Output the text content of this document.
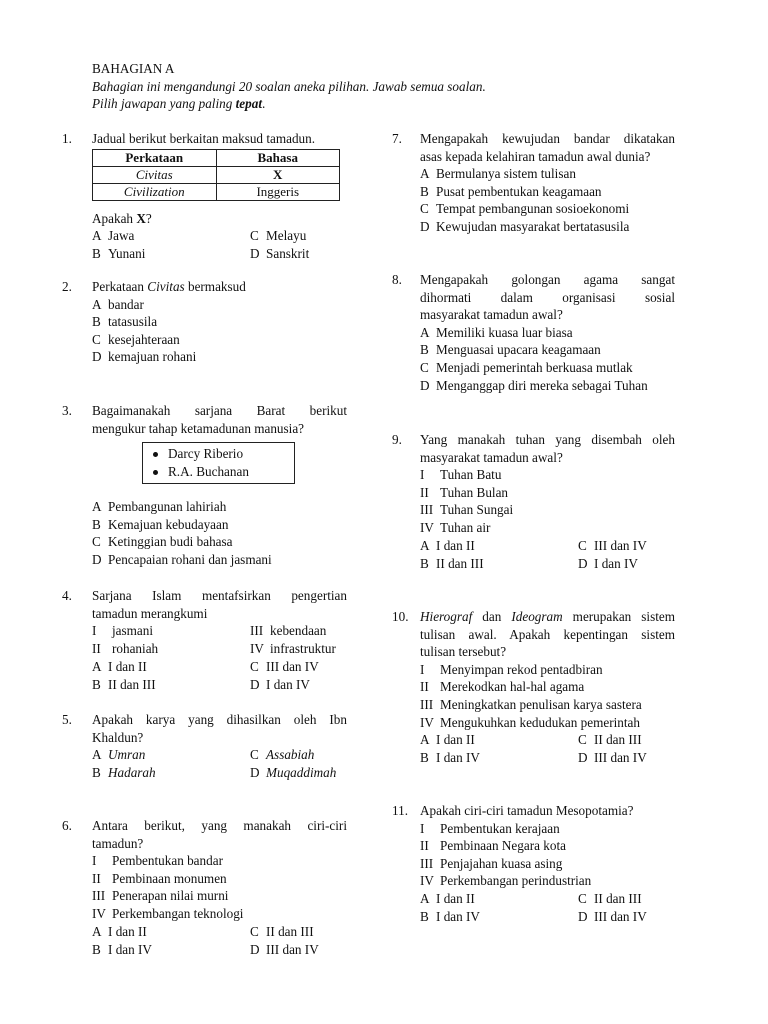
BAHAGIAN A
Bahagian ini mengandungi 20 soalan aneka pilihan. Jawab semua soalan.
Pilih jawapan yang paling tepat.
1.	Jadual berikut berkaitan maksud tamadun.
Perkataan	Bahasa
Civitas	X
Civilization	Inggeris
Apakah X?
A Jawa
B Yunani
C Melayu
D Sanskrit
2.	Perkataan Civitas bermaksud
A bandar
B tatasusila
C kesejahteraan
D kemajuan rohani
3.	Bagaimanakah sarjana Barat berikut
mengukur tahap ketamadunan manusia?
Darcy Riberio
R.A. Buchanan
A Pembangunan lahiriah
B Kemajuan kebudayaan
C Ketinggian budi bahasa
D Pencapaian rohani dan jasmani
4.	Sarjana Islam mentafsirkan pengertian
tamadun merangkumi
I jasmani
II rohaniah
III kebendaan
IV infrastruktur
A I dan II
B II dan III
C III dan IV
D I dan IV
5.	Apakah karya yang dihasilkan oleh Ibn
Khaldun?
A Umran
B Hadarah
C Assabiah
D Muqaddimah
6.	Antara berikut, yang manakah ciri-ciri
tamadun?
I Pembentukan bandar
II Pembinaan monumen
III Penerapan nilai murni
IV Perkembangan teknologi
A I dan II
B I dan IV
C II dan III
D III dan IV
7.	Mengapakah kewujudan bandar dikatakan
asas kepada kelahiran tamadun awal dunia?
A Bermulanya sistem tulisan
B Pusat pembentukan keagamaan
C Tempat pembangunan sosioekonomi
D Kewujudan masyarakat bertatasusila
8.	Mengapakah golongan agama sangat
dihormati dalam organisasi sosial
masyarakat tamadun awal?
A Memiliki kuasa luar biasa
B Menguasai upacara keagamaan
C Menjadi pemerintah berkuasa mutlak
D Menganggap diri mereka sebagai Tuhan
9.	Yang manakah tuhan yang disembah oleh
masyarakat tamadun awal?
I Tuhan Batu
II Tuhan Bulan
III Tuhan Sungai
IV Tuhan air
A I dan II
B II dan III
C III dan IV
D I dan IV
10. Hierograf dan Ideogram merupakan sistem
tulisan awal. Apakah kepentingan sistem
tulisan tersebut?
I Menyimpan rekod pentadbiran
II Merekodkan hal-hal agama
III Meningkatkan penulisan karya sastera
IV Mengukuhkan kedudukan pemerintah
A I dan II
B I dan IV
C II dan III
D III dan IV
11. Apakah ciri-ciri tamadun Mesopotamia?
I Pembentukan kerajaan
II Pembinaan Negara kota
III Penjajahan kuasa asing
IV Perkembangan perindustrian
A I dan II
B I dan IV
C II dan III
D III dan IV
